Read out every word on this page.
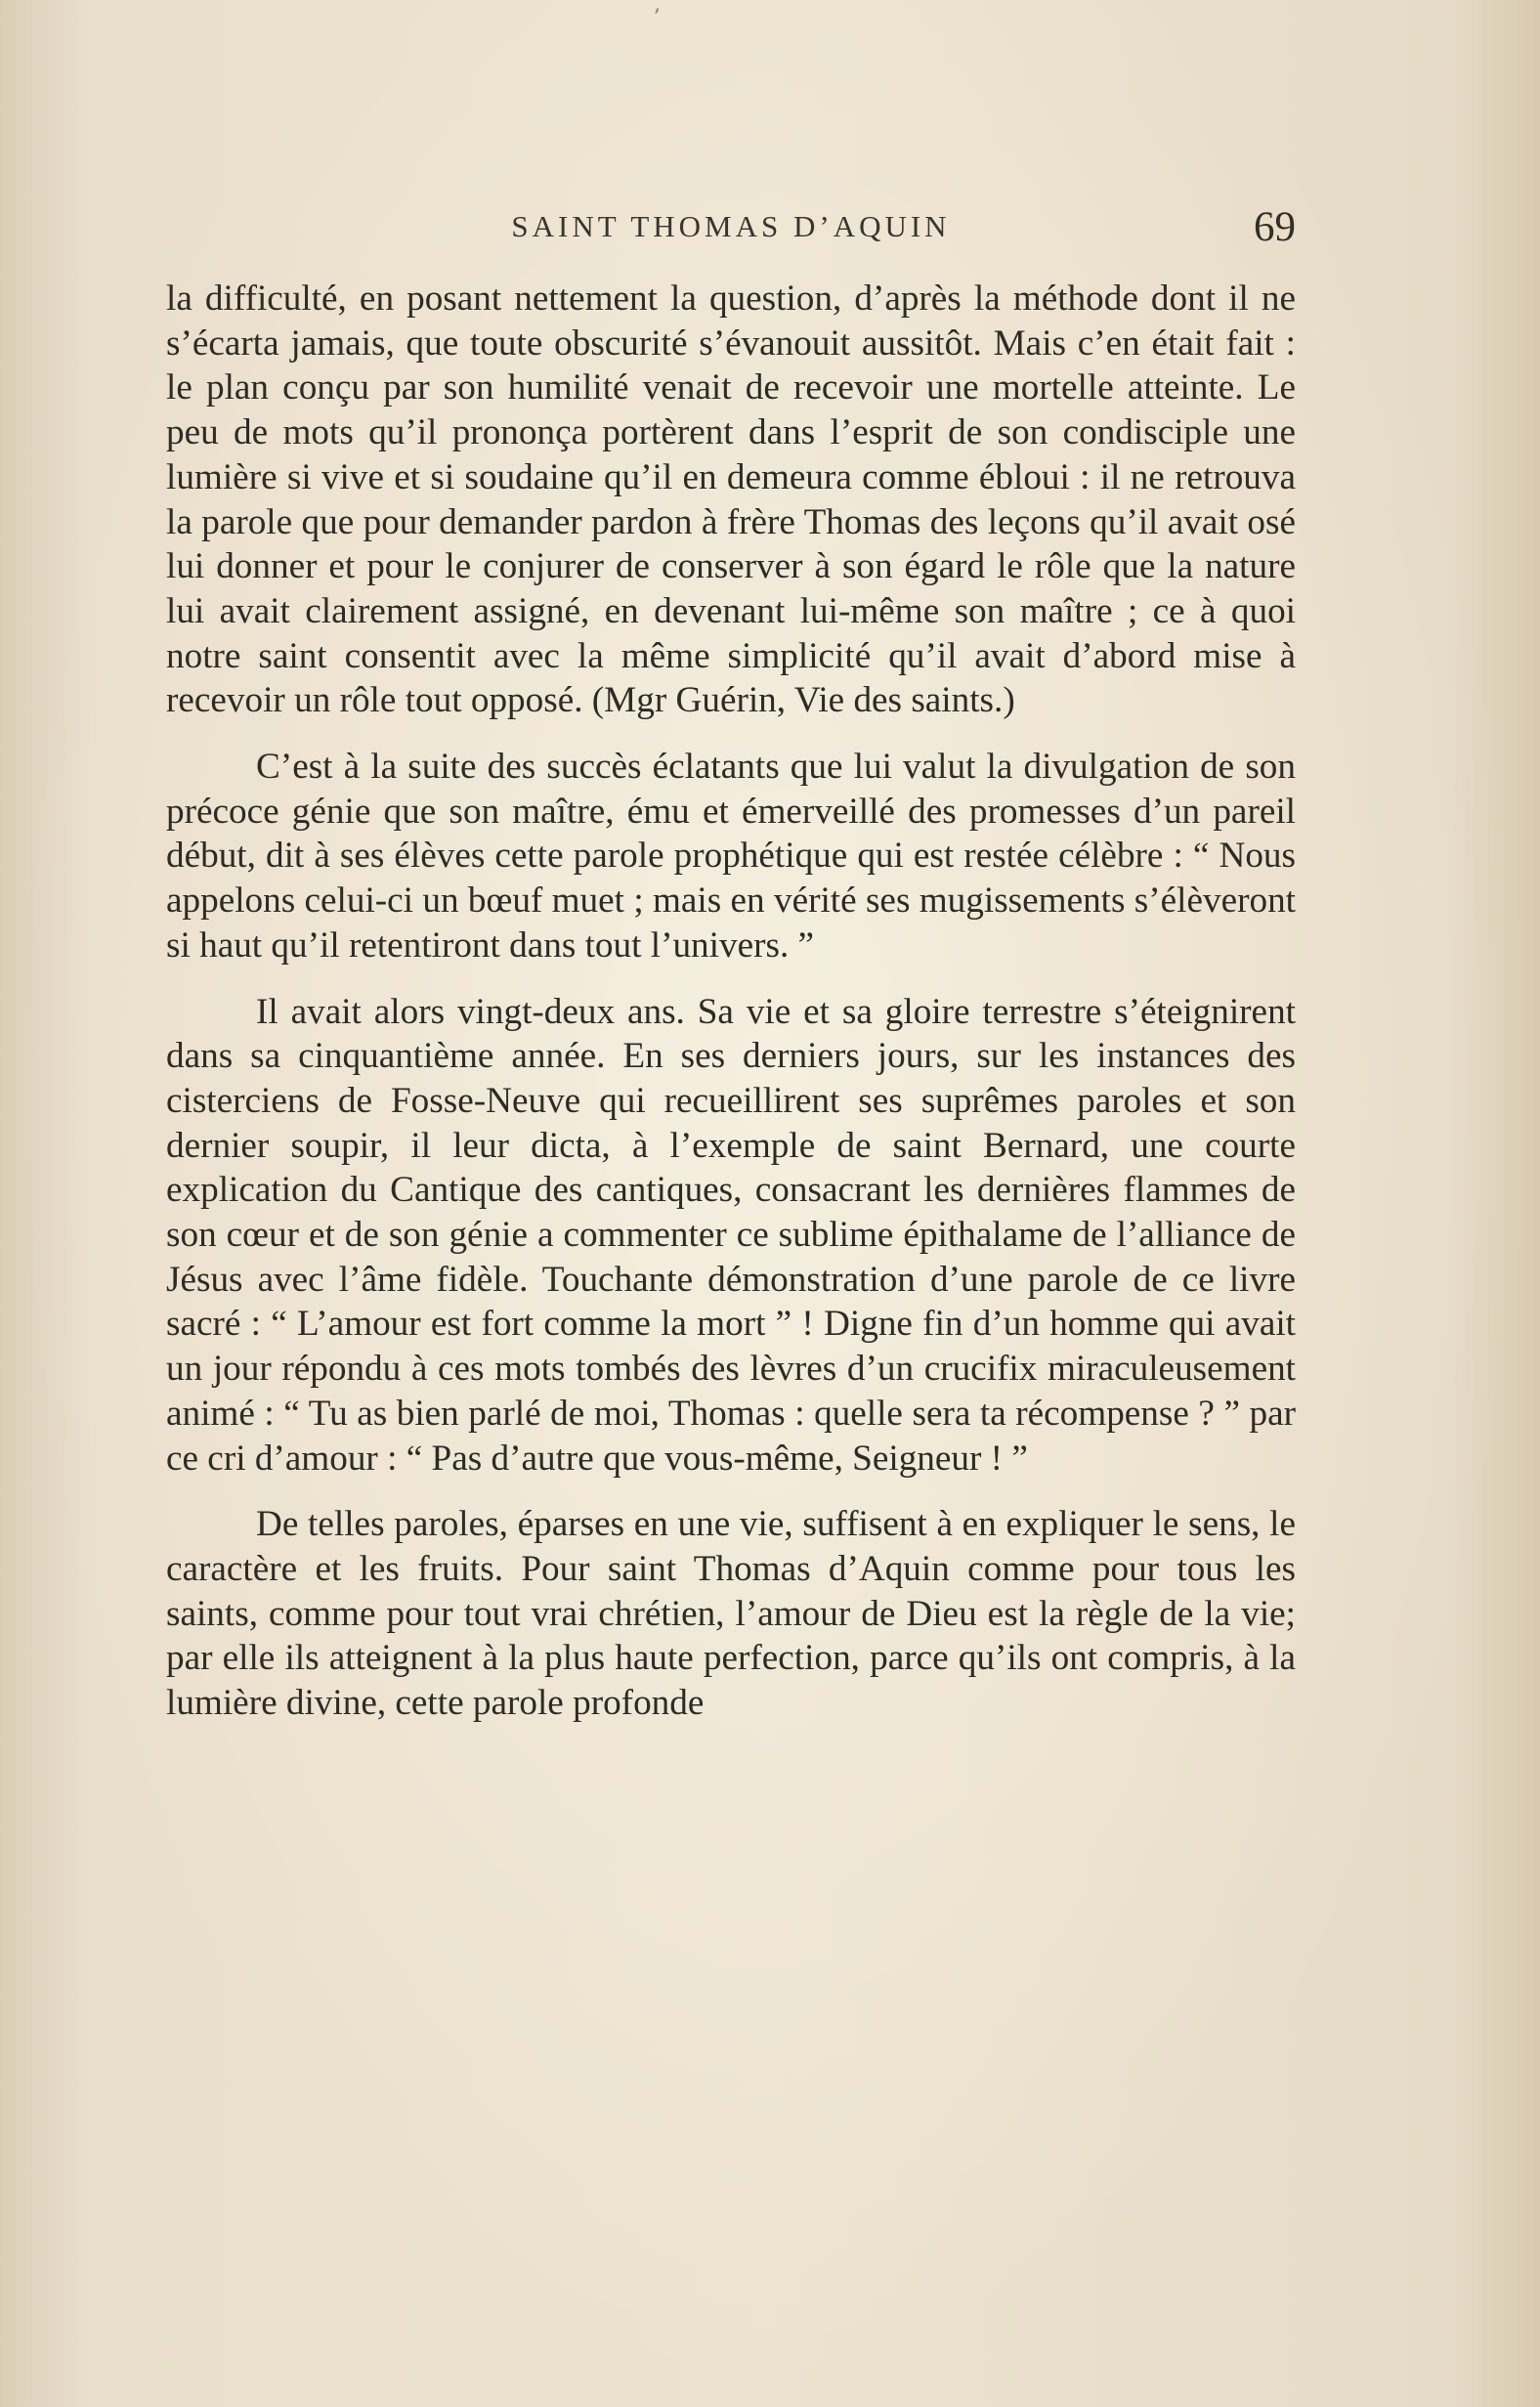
ʼ
SAINT THOMAS D’AQUIN	69

la difficulté, en posant nettement la question, d’après la méthode dont il ne s’écarta jamais, que toute obscurité s’évanouit aussitôt. Mais c’en était fait : le plan conçu par son humilité venait de recevoir une mortelle atteinte. Le peu de mots qu’il prononça portèrent dans l’esprit de son condisciple une lumière si vive et si soudaine qu’il en demeura comme ébloui : il ne retrouva la parole que pour demander pardon à frère Thomas des leçons qu’il avait osé lui donner et pour le conjurer de conserver à son égard le rôle que la nature lui avait clairement assigné, en devenant lui-même son maître ; ce à quoi notre saint consentit avec la même simplicité qu’il avait d’abord mise à recevoir un rôle tout opposé. (Mgr Guérin, Vie des saints.)

C’est à la suite des succès éclatants que lui valut la divulgation de son précoce génie que son maître, ému et émerveillé des promesses d’un pareil début, dit à ses élèves cette parole prophétique qui est restée célèbre : “ Nous appelons celui-ci un bœuf muet ; mais en vérité ses mugissements s’élèveront si haut qu’il retentiront dans tout l’univers. ”

Il avait alors vingt-deux ans. Sa vie et sa gloire terrestre s’éteignirent dans sa cinquantième année. En ses derniers jours, sur les instances des cisterciens de Fosse-Neuve qui recueillirent ses suprêmes paroles et son dernier soupir, il leur dicta, à l’exemple de saint Bernard, une courte explication du Cantique des cantiques, consacrant les dernières flammes de son cœur et de son génie a commenter ce sublime épithalame de l’alliance de Jésus avec l’âme fidèle. Touchante démonstration d’une parole de ce livre sacré : “ L’amour est fort comme la mort ” ! Digne fin d’un homme qui avait un jour répondu à ces mots tombés des lèvres d’un crucifix miraculeusement animé : “ Tu as bien parlé de moi, Thomas : quelle sera ta récompense ? ” par ce cri d’amour : “ Pas d’autre que vous-même, Seigneur ! ”

De telles paroles, éparses en une vie, suffisent à en expliquer le sens, le caractère et les fruits. Pour saint Thomas d’Aquin comme pour tous les saints, comme pour tout vrai chrétien, l’amour de Dieu est la règle de la vie; par elle ils atteignent à la plus haute perfection, parce qu’ils ont compris, à la lumière divine, cette parole profonde
